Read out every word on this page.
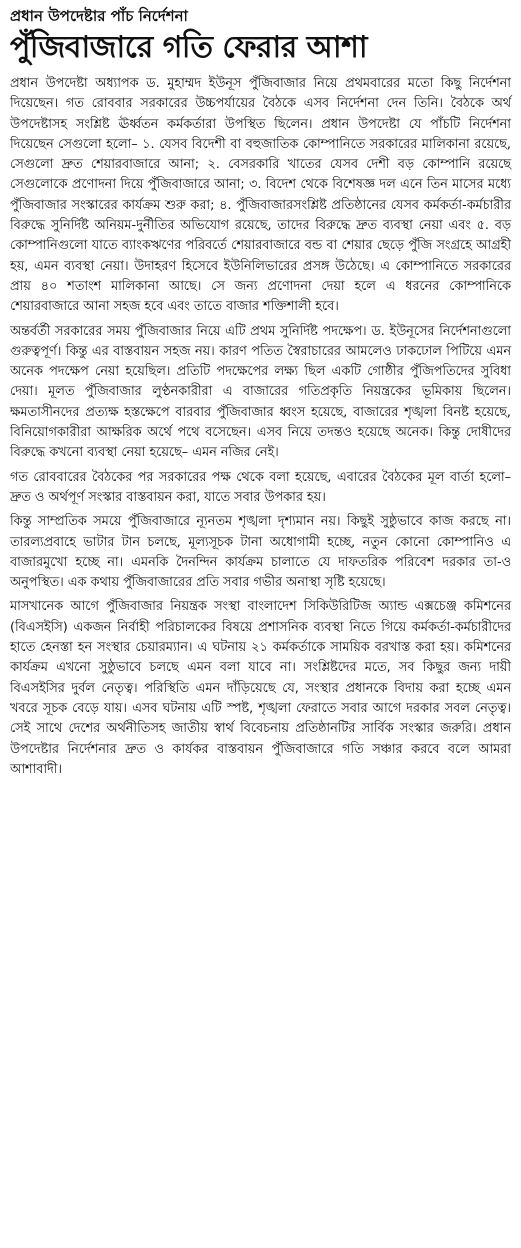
প্রধান উপদেষ্টার পাঁচ নির্দেশনা
পুঁজিবাজারে গতি ফেরার আশা

প্রধান উপদেষ্টা অধ্যাপক ড. মুহাম্মদ ইউনূস পুঁজিবাজার নিয়ে প্রথমবারের মতো কিছু নির্দেশনা দিয়েছেন। গত রোববার সরকারের উচ্চপর্যায়ের বৈঠকে এসব নির্দেশনা দেন তিনি। বৈঠকে অর্থ উপদেষ্টাসহ সংশ্লিষ্ট ঊর্ধ্বতন কর্মকর্তারা উপস্থিত ছিলেন। প্রধান উপদেষ্টা যে পাঁচটি নির্দেশনা দিয়েছেন সেগুলো হলো– ১. যেসব বিদেশী বা বহুজাতিক কোম্পানিতে সরকারের মালিকানা রয়েছে, সেগুলো দ্রুত শেয়ারবাজারে আনা; ২. বেসরকারি খাতের যেসব দেশী বড় কোম্পানি রয়েছে সেগুলোকে প্রণোদনা দিয়ে পুঁজিবাজারে আনা; ৩. বিদেশ থেকে বিশেষজ্ঞ দল এনে তিন মাসের মধ্যে পুঁজিবাজার সংস্কারের কার্যক্রম শুরু করা; ৪. পুঁজিবাজারসংশ্লিষ্ট প্রতিষ্ঠানের যেসব কর্মকর্তা-কর্মচারীর বিরুদ্ধে সুনির্দিষ্ট অনিয়ম-দুর্নীতির অভিযোগ রয়েছে, তাদের বিরুদ্ধে দ্রুত ব্যবস্থা নেয়া এবং ৫. বড় কোম্পানিগুলো যাতে ব্যাংকঋণের পরিবর্তে শেয়ারবাজারে বন্ড বা শেয়ার ছেড়ে পুঁজি সংগ্রহে আগ্রহী হয়, এমন ব্যবস্থা নেয়া। উদাহরণ হিসেবে ইউনিলিভারের প্রসঙ্গ উঠেছে। এ কোম্পানিতে সরকারের প্রায় ৪০ শতাংশ মালিকানা আছে। সে জন্য প্রণোদনা দেয়া হলে এ ধরনের কোম্পানিকে শেয়ারবাজারে আনা সহজ হবে এবং তাতে বাজার শক্তিশালী হবে।

অন্তর্বর্তী সরকারের সময় পুঁজিবাজার নিয়ে এটি প্রথম সুনির্দিষ্ট পদক্ষেপ। ড. ইউনূসের নির্দেশনাগুলো গুরুত্বপূর্ণ। কিন্তু এর বাস্তবায়ন সহজ নয়। কারণ পতিত স্বৈরাচারের আমলেও ঢাকঢোল পিটিয়ে এমন অনেক পদক্ষেপ নেয়া হয়েছিল। প্রতিটি পদক্ষেপের লক্ষ্য ছিল একটি গোষ্ঠীর পুঁজিপতিদের সুবিধা দেয়া। মূলত পুঁজিবাজার লুণ্ঠনকারীরা এ বাজারের গতিপ্রকৃতি নিয়ন্ত্রকের ভূমিকায় ছিলেন। ক্ষমতাসীনদের প্রত্যক্ষ হস্তক্ষেপে বারবার পুঁজিবাজার ধ্বংস হয়েছে, বাজারের শৃঙ্খলা বিনষ্ট হয়েছে, বিনিয়োগকারীরা আক্ষরিক অর্থে পথে বসেছেন। এসব নিয়ে তদন্তও হয়েছে অনেক। কিন্তু দোষীদের বিরুদ্ধে কখনো ব্যবস্থা নেয়া হয়েছে– এমন নজির নেই।

গত রোববারের বৈঠকের পর সরকারের পক্ষ থেকে বলা হয়েছে, এবারের বৈঠকের মূল বার্তা হলো– দ্রুত ও অর্থপূর্ণ সংস্কার বাস্তবায়ন করা, যাতে সবার উপকার হয়।

কিন্তু সাম্প্রতিক সময়ে পুঁজিবাজারে ন্যূনতম শৃঙ্খলা দৃশ্যমান নয়। কিছুই সুষ্ঠুভাবে কাজ করছে না। তারল্যপ্রবাহে ভাটার টান চলছে, মূল্যসূচক টানা অধোগামী হচ্ছে, নতুন কোনো কোম্পানিও এ বাজারমুখো হচ্ছে না। এমনকি দৈনন্দিন কার্যক্রম চালাতে যে দাফতরিক পরিবেশ দরকার তা-ও অনুপস্থিত। এক কথায় পুঁজিবাজারের প্রতি সবার গভীর অনাস্থা সৃষ্টি হয়েছে।

মাসখানেক আগে পুঁজিবাজার নিয়ন্ত্রক সংস্থা বাংলাদেশ সিকিউরিটিজ অ্যান্ড এক্সচেঞ্জ কমিশনের (বিএসইসি) একজন নির্বাহী পরিচালকের বিষয়ে প্রশাসনিক ব্যবস্থা নিতে গিয়ে কর্মকর্তা-কর্মচারীদের হাতে হেনস্তা হন সংস্থার চেয়ারম্যান। এ ঘটনায় ২১ কর্মকর্তাকে সাময়িক বরখাস্ত করা হয়। কমিশনের কার্যক্রম এখনো সুষ্ঠুভাবে চলছে এমন বলা যাবে না। সংশ্লিষ্টদের মতে, সব কিছুর জন্য দায়ী বিএসইসির দুর্বল নেতৃত্ব। পরিস্থিতি এমন দাঁড়িয়েছে যে, সংস্থার প্রধানকে বিদায় করা হচ্ছে এমন খবরে সূচক বেড়ে যায়। এসব ঘটনায় এটি স্পষ্ট, শৃঙ্খলা ফেরাতে সবার আগে দরকার সবল নেতৃত্ব। সেই সাথে দেশের অর্থনীতিসহ জাতীয় স্বার্থ বিবেচনায় প্রতিষ্ঠানটির সার্বিক সংস্কার জরুরি। প্রধান উপদেষ্টার নির্দেশনার দ্রুত ও কার্যকর বাস্তবায়ন পুঁজিবাজারে গতি সঞ্চার করবে বলে আমরা আশাবাদী।
